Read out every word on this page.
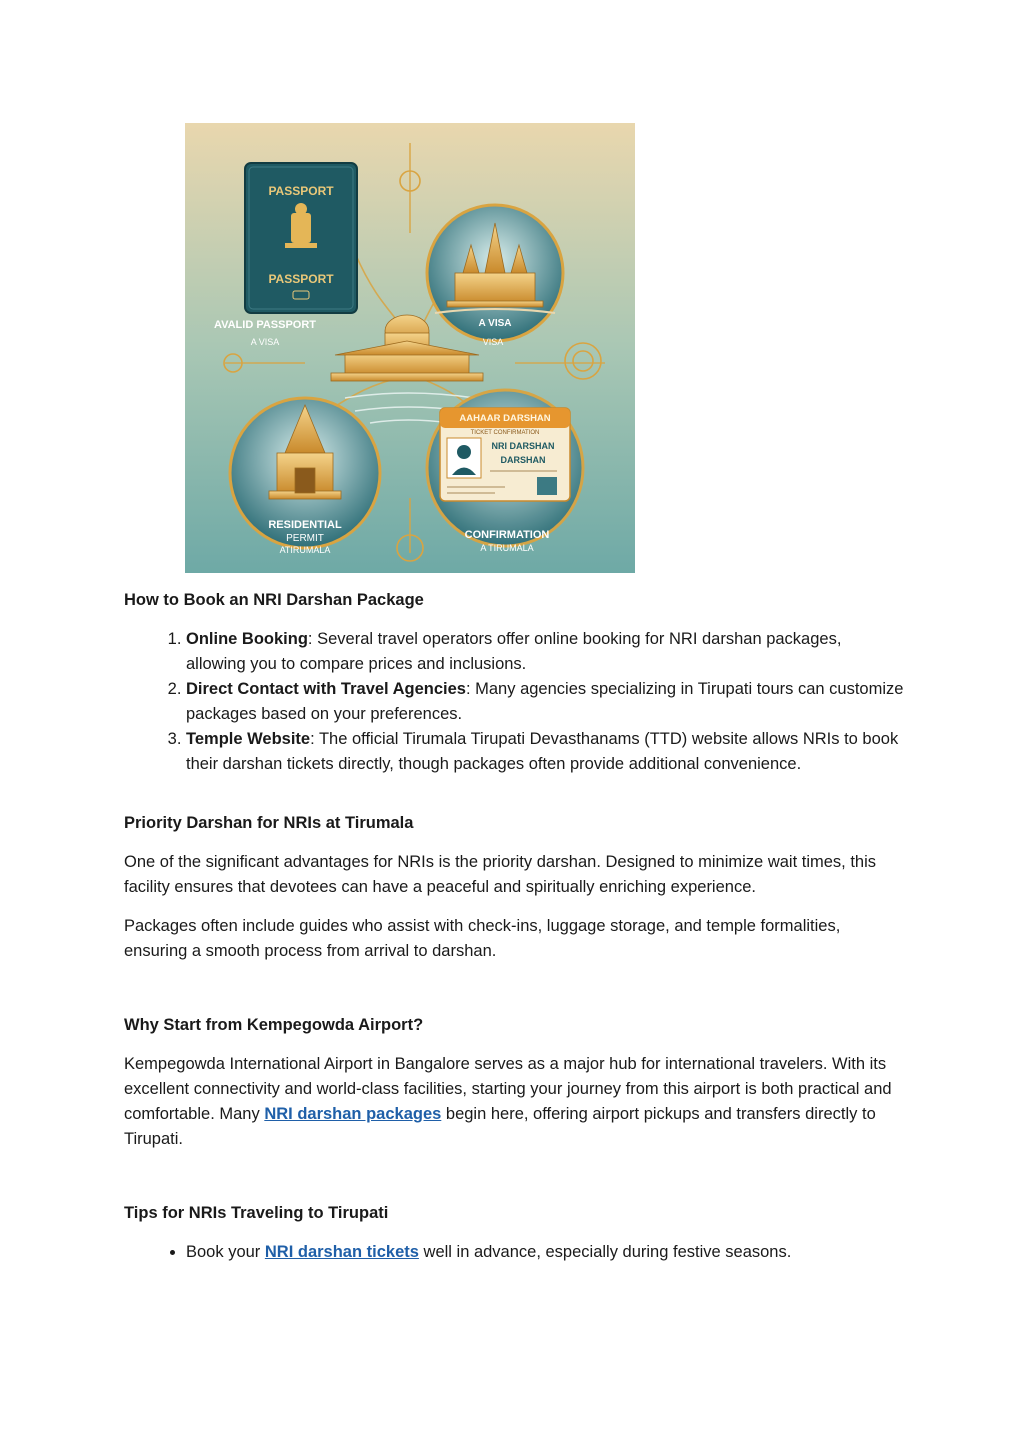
PASSPORT
PASSPORT
AVALID PASSPORT
A VISA
A VISA
VISA
RESIDENTIAL
PERMIT
ATIRUMALA
CONFIRMATION
A TIRUMALA
AAHAAR DARSHAN
TICKET CONFIRMATION
NRI DARSHAN
DARSHAN
How to Book an NRI Darshan Package
1. Online Booking: Several travel operators offer online booking for NRI darshan packages, allowing you to compare prices and inclusions.
2. Direct Contact with Travel Agencies: Many agencies specializing in Tirupati tours can customize packages based on your preferences.
3. Temple Website: The official Tirumala Tirupati Devasthanams (TTD) website allows NRIs to book their darshan tickets directly, though packages often provide additional convenience.
Priority Darshan for NRIs at Tirumala

One of the significant advantages for NRIs is the priority darshan. Designed to minimize wait times, this facility ensures that devotees can have a peaceful and spiritually enriching experience.

Packages often include guides who assist with check-ins, luggage storage, and temple formalities, ensuring a smooth process from arrival to darshan.

Why Start from Kempegowda Airport?

Kempegowda International Airport in Bangalore serves as a major hub for international travelers. With its excellent connectivity and world-class facilities, starting your journey from this airport is both practical and comfortable. Many NRI darshan packages begin here, offering airport pickups and transfers directly to Tirupati.

Tips for NRIs Traveling to Tirupati
• Book your NRI darshan tickets well in advance, especially during festive seasons.
